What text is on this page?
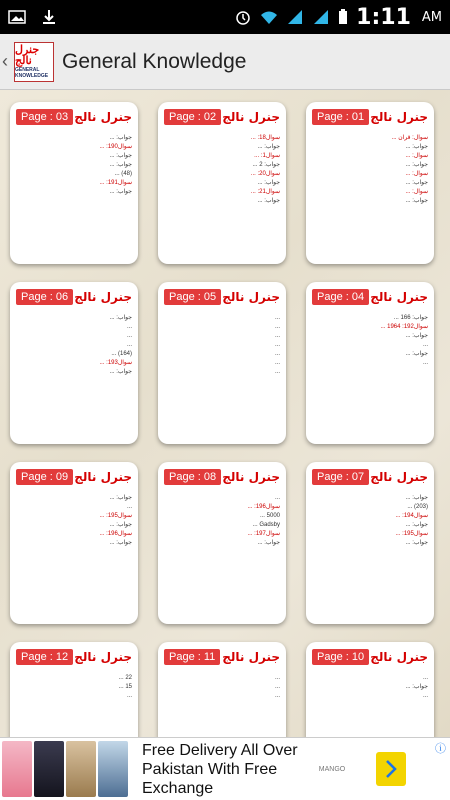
1:11 AM
‹
جنرل نالج
GENERAL KNOWLEDGE
General Knowledge
Page : 03 جنرل نالج
جواب: ...
سوال190: ...
جواب: ...
جواب: ...
(48) ...
سوال191: ...
جواب: ...
Page : 02 جنرل نالج
سوال18: ...
جواب: ...
سوال1: ...
جواب: 2 ...
سوال20: ...
جواب: ...
سوال21: ...
جواب: ...
Page : 01 جنرل نالج
سوال: قرآن ...
جواب: ...
سوال: ...
جواب: ...
سوال: ...
جواب: ...
سوال: ...
جواب: ...
Page : 06 جنرل نالج
جواب: ...
...
...
...
(164) ...
سوال193: ...
جواب: ...
Page : 05 جنرل نالج
...
...
...
...
...
...
...
Page : 04 جنرل نالج
جواب: 166 ...
سوال192: 1964 ...
جواب: ...
...
جواب: ...
...
Page : 09 جنرل نالج
جواب: ...
...
سوال195: ...
جواب: ...
سوال196: ...
جواب: ...
Page : 08 جنرل نالج
...
سوال196: ...
5000 ...
Gadsby ...
سوال197: ...
جواب: ...
Page : 07 جنرل نالج
جواب: ...
(203) ...
سوال194: ...
جواب: ...
سوال195: ...
جواب: ...
Page : 12 جنرل نالج
22 ...
15 ...
...
Page : 11 جنرل نالج
...
...
...
Page : 10 جنرل نالج
...
جواب: ...
...
Free Delivery All Over Pakistan With Free Exchange
MANGO
ⓘ
